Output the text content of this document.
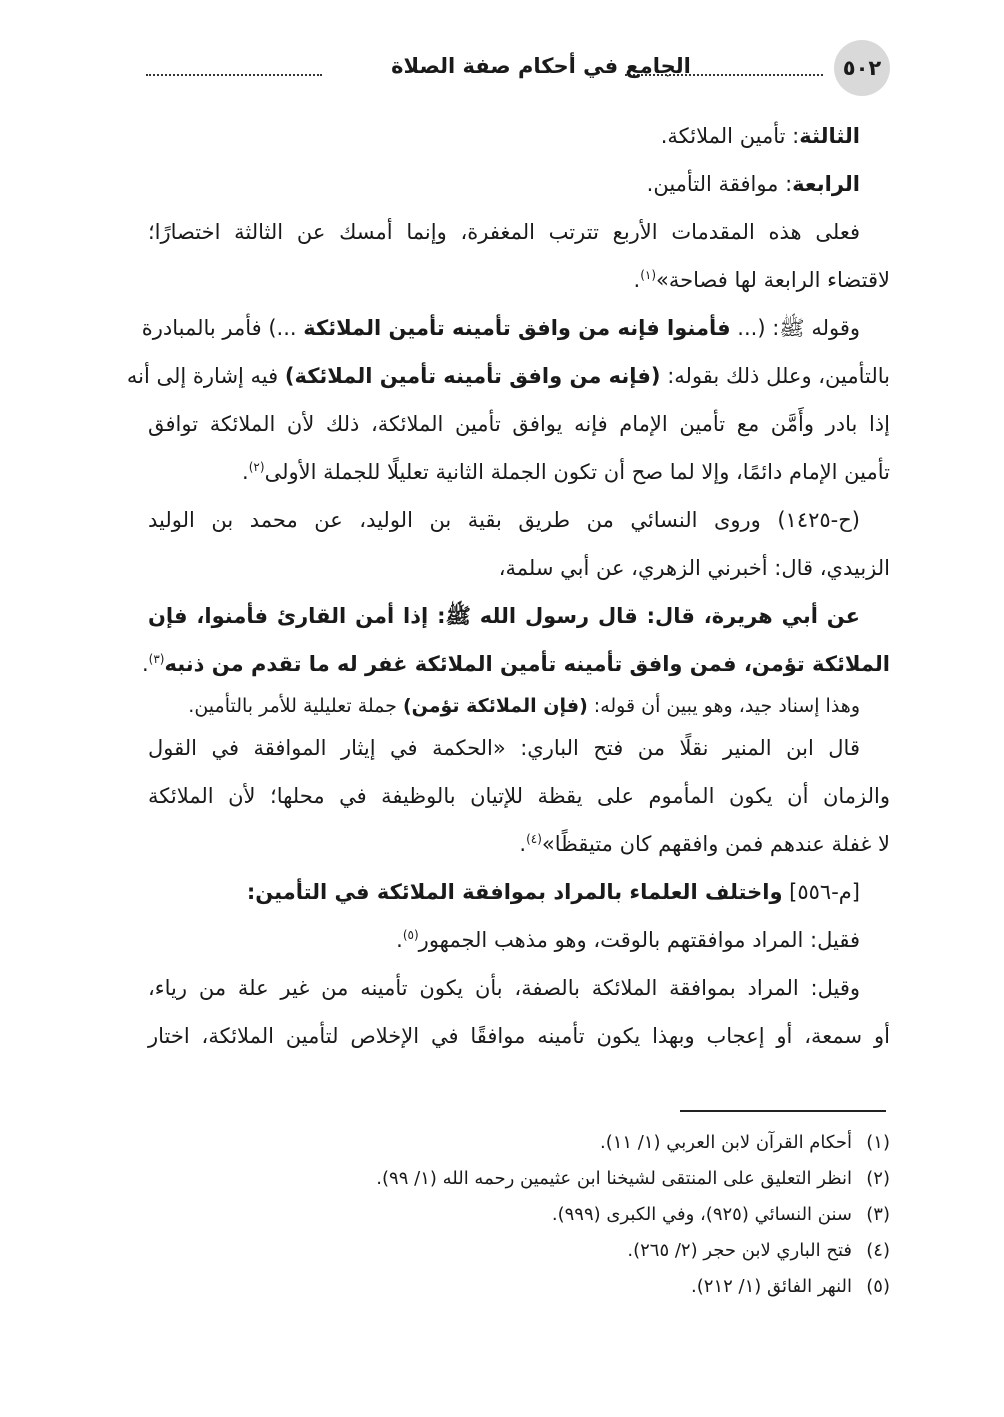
٥٠٢
الجامع في أحكام صفة الصلاة
الثالثة: تأمين الملائكة.
الرابعة: موافقة التأمين.
فعلى هذه المقدمات الأربع تترتب المغفرة، وإنما أمسك عن الثالثة اختصارًا؛
لاقتضاء الرابعة لها فصاحة»$^{(١)}$.
وقوله ﷺ: (... فأمنوا فإنه من وافق تأمينه تأمين الملائكة ...) فأمر بالمبادرة
بالتأمين، وعلل ذلك بقوله: (فإنه من وافق تأمينه تأمين الملائكة) فيه إشارة إلى أنه
إذا بادر وأَمَّن مع تأمين الإمام فإنه يوافق تأمين الملائكة، ذلك لأن الملائكة توافق
تأمين الإمام دائمًا، وإلا لما صح أن تكون الجملة الثانية تعليلًا للجملة الأولى$^{(٢)}$.
(ح-١٤٢٥) وروى النسائي من طريق بقية بن الوليد، عن محمد بن الوليد
الزبيدي، قال: أخبرني الزهري، عن أبي سلمة،
عن أبي هريرة، قال: قال رسول الله ﷺ: إذا أمن القارئ فأمنوا، فإن
الملائكة تؤمن، فمن وافق تأمينه تأمين الملائكة غفر له ما تقدم من ذنبه$^{(٣)}$.
وهذا إسناد جيد، وهو يبين أن قوله: (فإن الملائكة تؤمن) جملة تعليلية للأمر بالتأمين.
قال ابن المنير نقلًا من فتح الباري: «الحكمة في إيثار الموافقة في القول
والزمان أن يكون المأموم على يقظة للإتيان بالوظيفة في محلها؛ لأن الملائكة
لا غفلة عندهم فمن وافقهم كان متيقظًا»$^{(٤)}$.
[م-٥٥٦] واختلف العلماء بالمراد بموافقة الملائكة في التأمين:
فقيل: المراد موافقتهم بالوقت، وهو مذهب الجمهور$^{(٥)}$.
وقيل: المراد بموافقة الملائكة بالصفة، بأن يكون تأمينه من غير علة من رياء،
أو سمعة، أو إعجاب وبهذا يكون تأمينه موافقًا في الإخلاص لتأمين الملائكة، اختار
(١)أحكام القرآن لابن العربي (١/ ١١).
(٢)انظر التعليق على المنتقى لشيخنا ابن عثيمين رحمه الله (١/ ٩٩).
(٣)سنن النسائي (٩٢٥)، وفي الكبرى (٩٩٩).
(٤)فتح الباري لابن حجر (٢/ ٢٦٥).
(٥)النهر الفائق (١/ ٢١٢).
